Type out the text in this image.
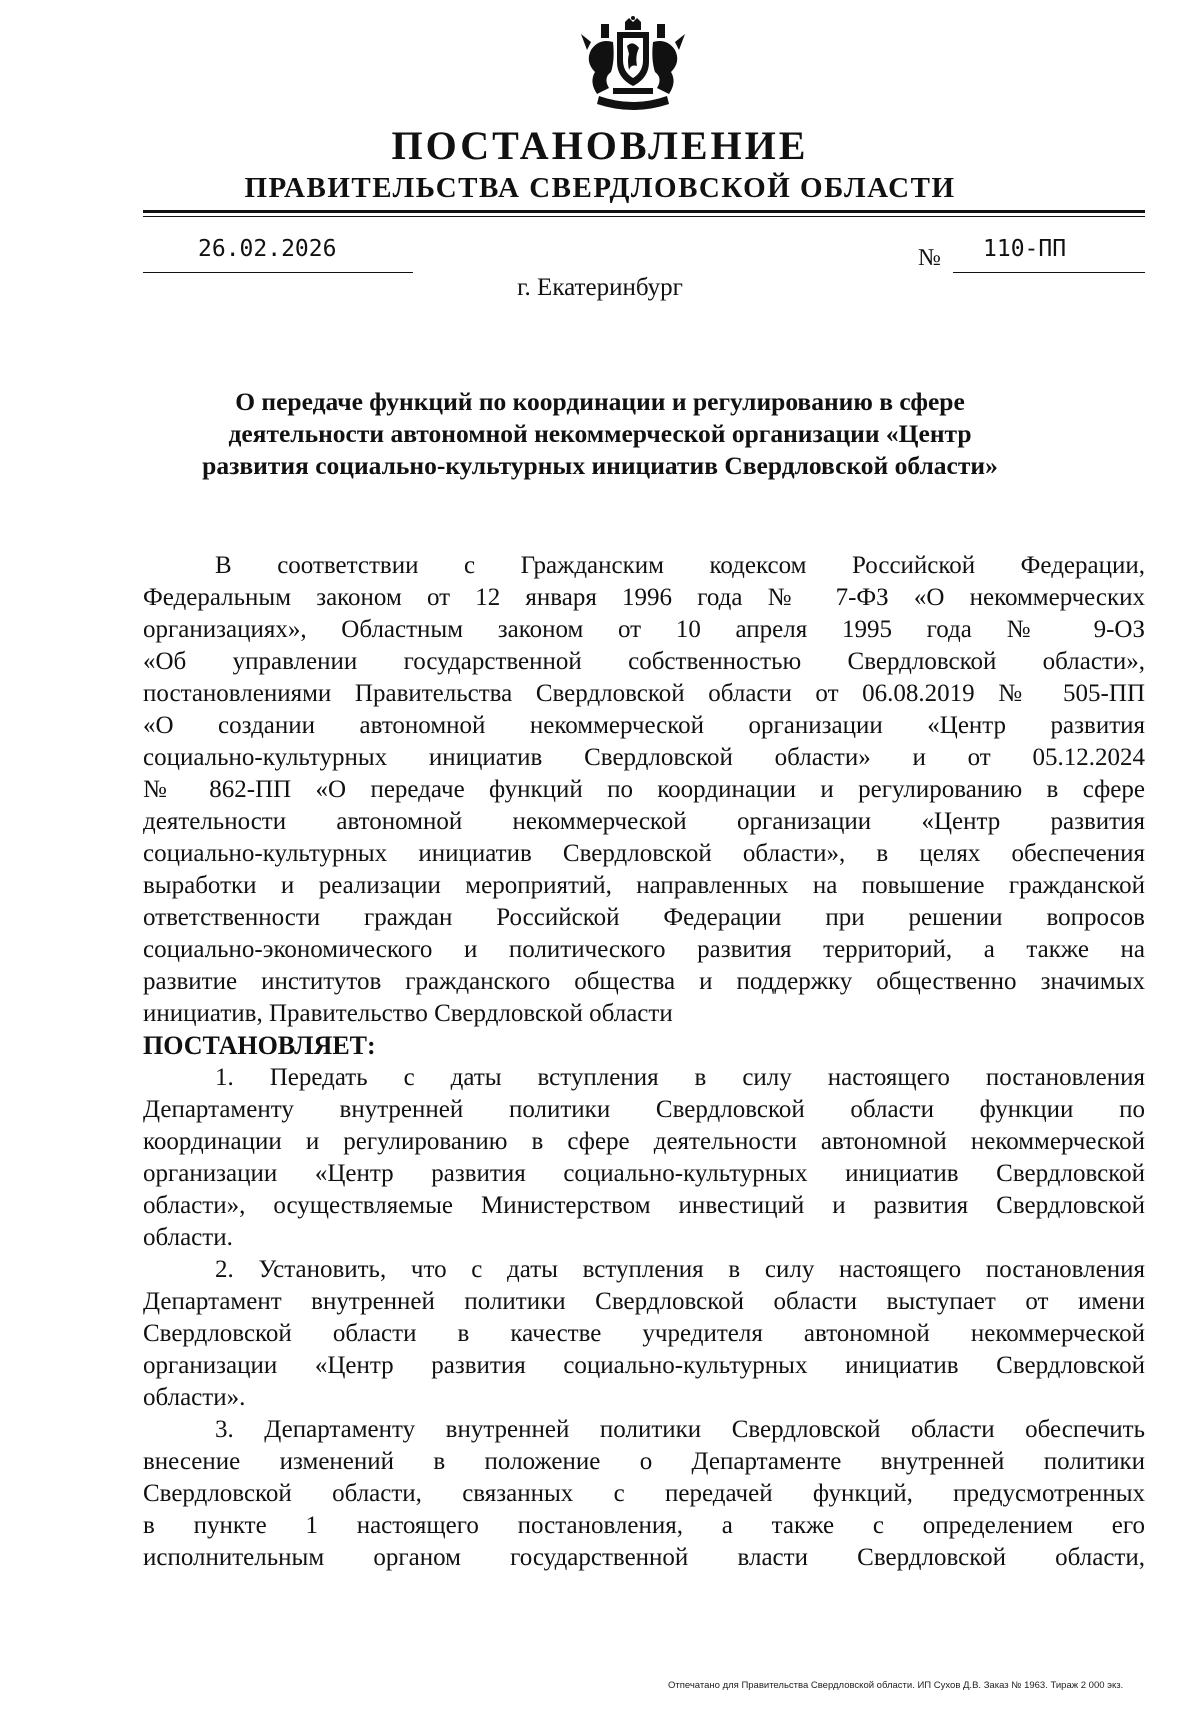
ПОСТАНОВЛЕНИЕ
ПРАВИТЕЛЬСТВА СВЕРДЛОВСКОЙ ОБЛАСТИ
26.02.2026	№	110-ПП
г. Екатеринбург
О передаче функций по координации и регулированию в сфере
деятельности автономной некоммерческой организации «Центр
развития социально-культурных инициатив Свердловской области»
В соответствии с Гражданским кодексом Российской Федерации,
Федеральным законом от 12 января 1996 года № 7-ФЗ «О некоммерческих
организациях», Областным законом от 10 апреля 1995 года № 9-ОЗ
«Об управлении государственной собственностью Свердловской области»,
постановлениями Правительства Свердловской области от 06.08.2019 № 505-ПП
«О создании автономной некоммерческой организации «Центр развития
социально-культурных инициатив Свердловской области» и от 05.12.2024
№ 862-ПП «О передаче функций по координации и регулированию в сфере
деятельности автономной некоммерческой организации «Центр развития
социально-культурных инициатив Свердловской области», в целях обеспечения
выработки и реализации мероприятий, направленных на повышение гражданской
ответственности граждан Российской Федерации при решении вопросов
социально-экономического и политического развития территорий, а также на
развитие институтов гражданского общества и поддержку общественно значимых
инициатив, Правительство Свердловской области
ПОСТАНОВЛЯЕТ:
1. Передать с даты вступления в силу настоящего постановления
Департаменту внутренней политики Свердловской области функции по
координации и регулированию в сфере деятельности автономной некоммерческой
организации «Центр развития социально-культурных инициатив Свердловской
области», осуществляемые Министерством инвестиций и развития Свердловской
области.
2. Установить, что с даты вступления в силу настоящего постановления
Департамент внутренней политики Свердловской области выступает от имени
Свердловской области в качестве учредителя автономной некоммерческой
организации «Центр развития социально-культурных инициатив Свердловской
области».
3. Департаменту внутренней политики Свердловской области обеспечить
внесение изменений в положение о Департаменте внутренней политики
Свердловской области, связанных с передачей функций, предусмотренных
в пункте 1 настоящего постановления, а также с определением его
исполнительным органом государственной власти Свердловской области,
Отпечатано для Правительства Свердловской области. ИП Сухов Д.В. Заказ № 1963. Тираж 2 000 экз.
